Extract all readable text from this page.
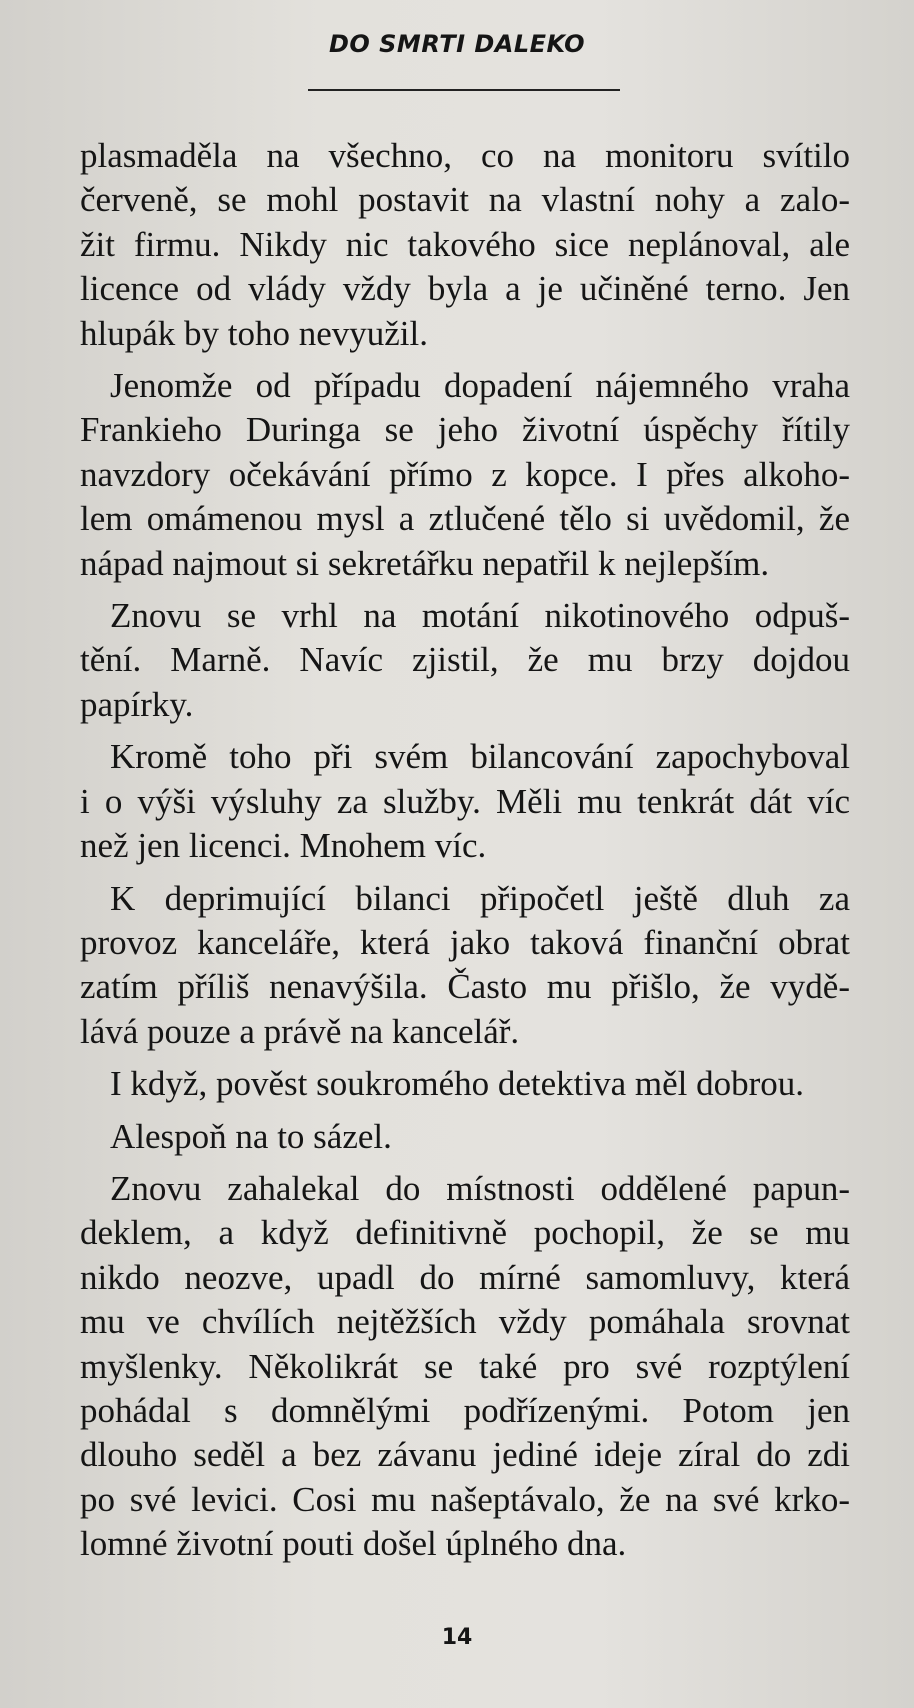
DO SMRTI DALEKO
plasmaděla na všechno, co na monitoru svítilo
červeně, se mohl postavit na vlastní nohy a zalo-
žit firmu. Nikdy nic takového sice neplánoval, ale
licence od vlády vždy byla a je učiněné terno. Jen
hlupák by toho nevyužil.
Jenomže od případu dopadení nájemného vraha
Frankieho Duringa se jeho životní úspěchy řítily
navzdory očekávání přímo z kopce. I přes alkoho-
lem omámenou mysl a ztlučené tělo si uvědomil, že
nápad najmout si sekretářku nepatřil k nejlepším.
Znovu se vrhl na motání nikotinového odpuš-
tění. Marně. Navíc zjistil, že mu brzy dojdou
papírky.
Kromě toho při svém bilancování zapochyboval
i o výši výsluhy za služby. Měli mu tenkrát dát víc
než jen licenci. Mnohem víc.
K deprimující bilanci připočetl ještě dluh za
provoz kanceláře, která jako taková finanční obrat
zatím příliš nenavýšila. Často mu přišlo, že vydě-
lává pouze a právě na kancelář.
I když, pověst soukromého detektiva měl dobrou.
Alespoň na to sázel.
Znovu zahalekal do místnosti oddělené papun-
deklem, a když definitivně pochopil, že se mu
nikdo neozve, upadl do mírné samomluvy, která
mu ve chvílích nejtěžších vždy pomáhala srovnat
myšlenky. Několikrát se také pro své rozptýlení
pohádal s domnělými podřízenými. Potom jen
dlouho seděl a bez závanu jediné ideje zíral do zdi
po své levici. Cosi mu našeptávalo, že na své krko-
lomné životní pouti došel úplného dna.
14
